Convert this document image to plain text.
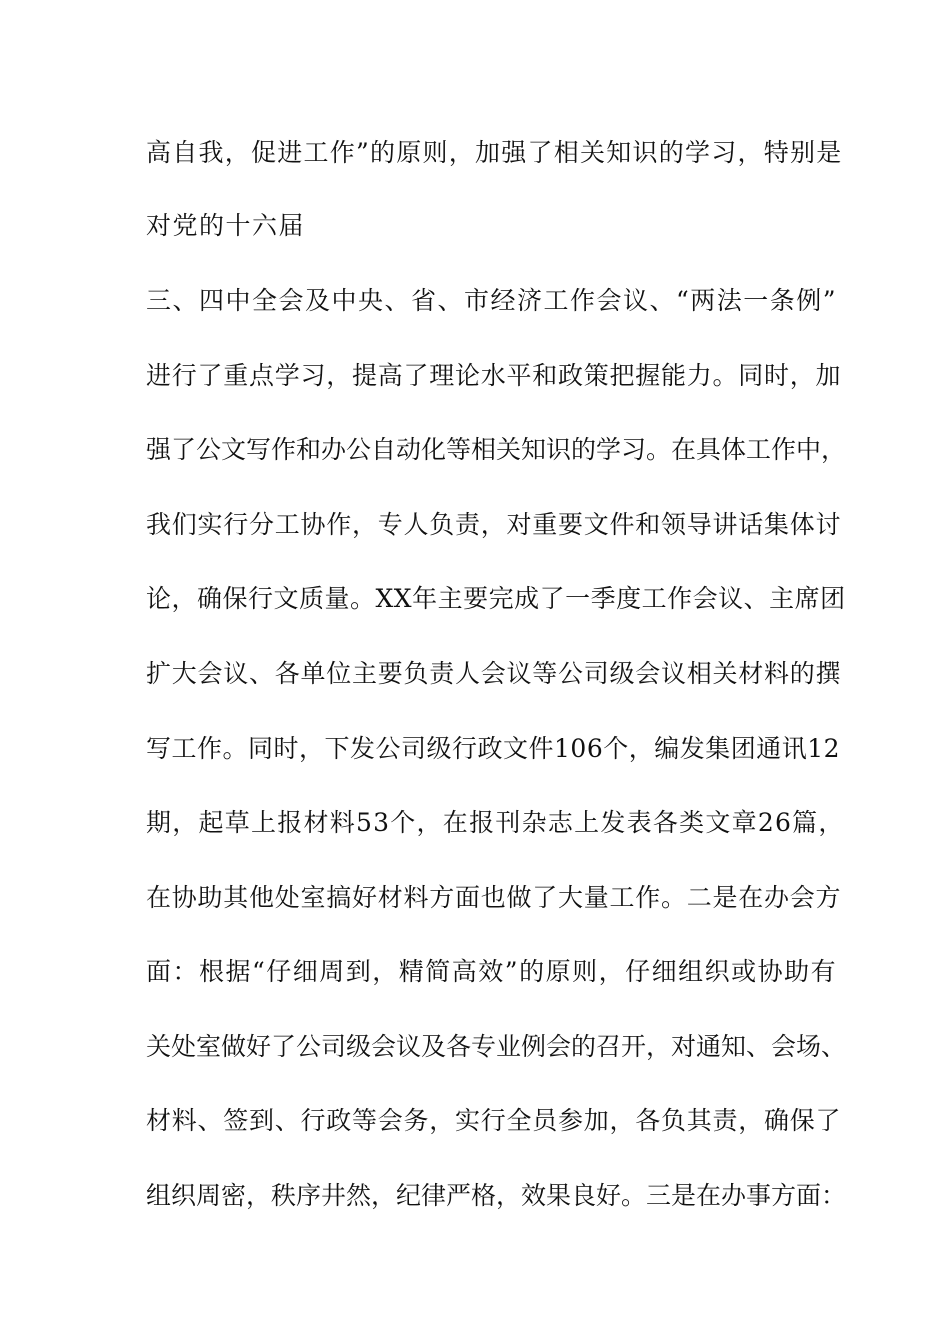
高自我，促进工作”的原则，加强了相关知识的学习，特别是
对党的十六届
三、四中全会及中央、省、市经济工作会议、“两法一条例”
进行了重点学习，提高了理论水平和政策把握能力。同时，加
强了公文写作和办公自动化等相关知识的学习。在具体工作中，
我们实行分工协作，专人负责，对重要文件和领导讲话集体讨
论，确保行文质量。XX年主要完成了一季度工作会议、主席团
扩大会议、各单位主要负责人会议等公司级会议相关材料的撰
写工作。同时，下发公司级行政文件106个，编发集团通讯12
期，起草上报材料53个，在报刊杂志上发表各类文章26篇，
在协助其他处室搞好材料方面也做了大量工作。二是在办会方
面：根据“仔细周到，精简高效”的原则，仔细组织或协助有
关处室做好了公司级会议及各专业例会的召开，对通知、会场、
材料、签到、行政等会务，实行全员参加，各负其责，确保了
组织周密，秩序井然，纪律严格，效果良好。三是在办事方面：
